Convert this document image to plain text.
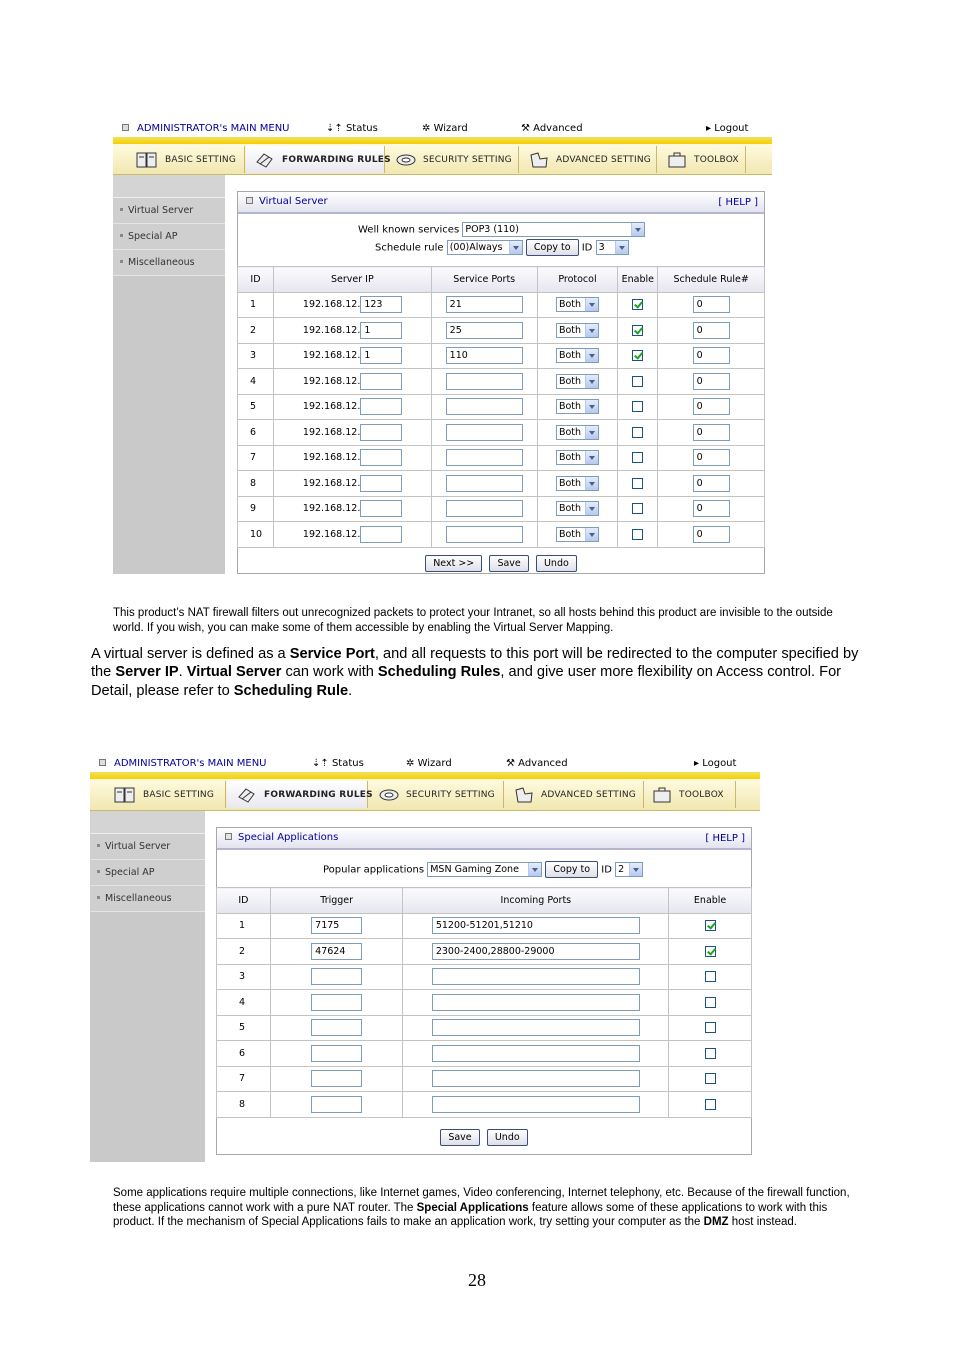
ADMINISTRATOR's MAIN MENU	⇣⇡ Status	✲ Wizard	⚒ Advanced	▸ Logout
BASIC SETTING	FORWARDING RULES	SECURITY SETTING	ADVANCED SETTING	TOOLBOX
Virtual Server
Special AP
Miscellaneous
Virtual Server	[ HELP ]
Well known services POP3 (110)
Schedule rule (00)Always	Copy to ID 3
ID	Server IP	Service Ports	Protocol	Enable	Schedule Rule#
1	192.168.12. 123	21	Both		0
2	192.168.12. 1	25	Both		0
3	192.168.12. 1	110	Both		0
4	192.168.12.		Both		0
5	192.168.12.		Both		0
6	192.168.12.		Both		0
7	192.168.12.		Both		0
8	192.168.12.		Both		0
9	192.168.12.		Both		0
10	192.168.12.		Both		0
Next >> Save Undo
This product’s NAT firewall filters out unrecognized packets to protect your Intranet, so all hosts behind this product are invisible to the outside world. If you wish, you can make some of them accessible by enabling the Virtual Server Mapping.
A virtual server is defined as a Service Port, and all requests to this port will be redirected to the computer specified by the Server IP. Virtual Server can work with Scheduling Rules, and give user more flexibility on Access control. For Detail, please refer to Scheduling Rule.
ADMINISTRATOR's MAIN MENU	⇣⇡ Status	✲ Wizard	⚒ Advanced	▸ Logout
BASIC SETTING	FORWARDING RULES	SECURITY SETTING	ADVANCED SETTING	TOOLBOX
Virtual Server
Special AP
Miscellaneous
Special Applications	[ HELP ]
Popular applications MSN Gaming Zone	Copy to ID 2
ID	Trigger	Incoming Ports	Enable
1	7175	51200-51201,51210	
2	47624	2300-2400,28800-29000	
3			
4			
5			
6			
7			
8			
Save Undo
Some applications require multiple connections, like Internet games, Video conferencing, Internet telephony, etc. Because of the firewall function, these applications cannot work with a pure NAT router. The Special Applications feature allows some of these applications to work with this product. If the mechanism of Special Applications fails to make an application work, try setting your computer as the DMZ host instead.
28
